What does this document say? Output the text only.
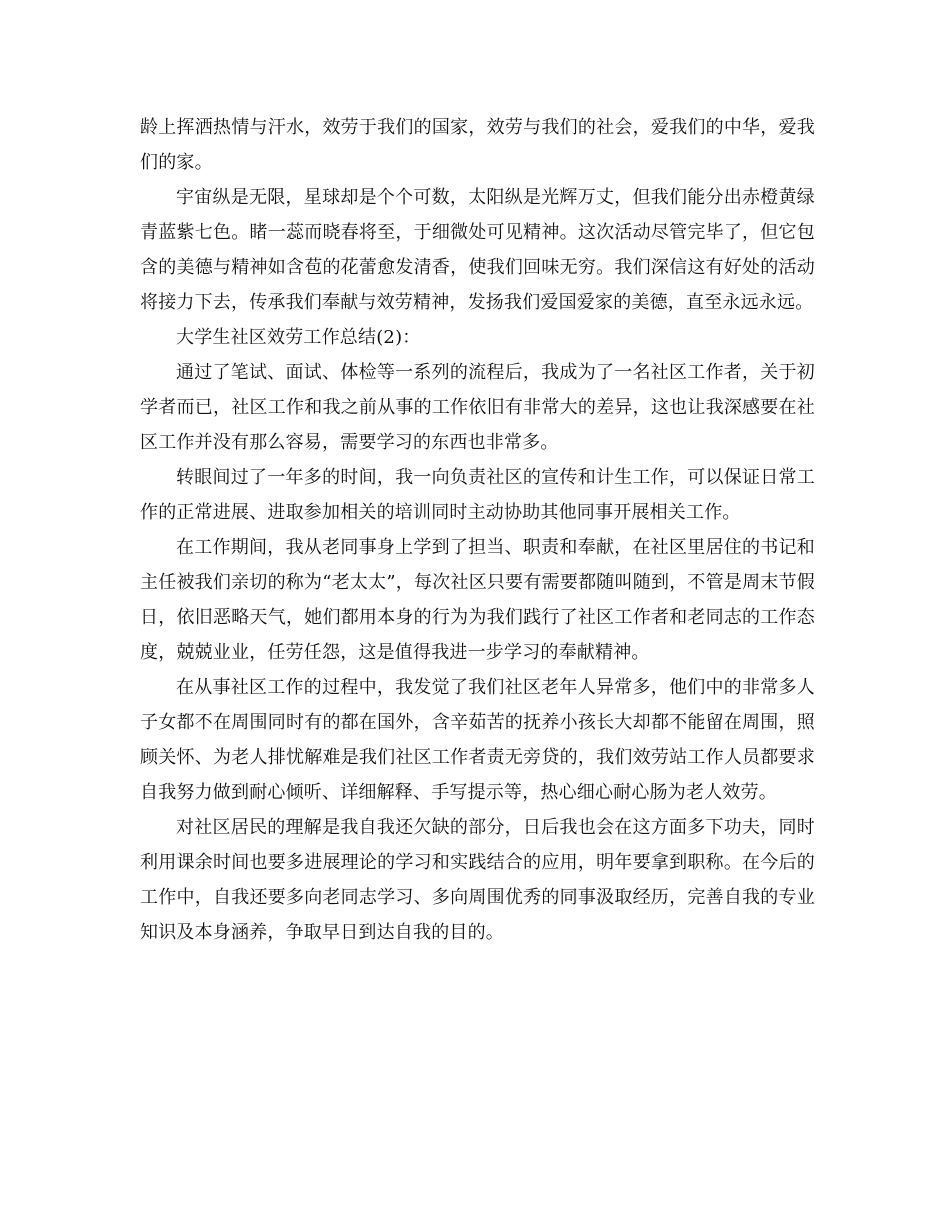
龄上挥洒热情与汗水，效劳于我们的国家，效劳与我们的社会，爱我们的中华，爱我们的家。

宇宙纵是无限，星球却是个个可数，太阳纵是光辉万丈，但我们能分出赤橙黄绿青蓝紫七色。睹一蕊而晓春将至，于细微处可见精神。这次活动尽管完毕了，但它包含的美德与精神如含苞的花蕾愈发清香，使我们回味无穷。我们深信这有好处的活动将接力下去，传承我们奉献与效劳精神，发扬我们爱国爱家的美德，直至永远永远。

大学生社区效劳工作总结(2)：

通过了笔试、面试、体检等一系列的流程后，我成为了一名社区工作者，关于初学者而已，社区工作和我之前从事的工作依旧有非常大的差异，这也让我深感要在社区工作并没有那么容易，需要学习的东西也非常多。

转眼间过了一年多的时间，我一向负责社区的宣传和计生工作，可以保证日常工作的正常进展、进取参加相关的培训同时主动协助其他同事开展相关工作。

在工作期间，我从老同事身上学到了担当、职责和奉献，在社区里居住的书记和主任被我们亲切的称为“老太太”，每次社区只要有需要都随叫随到，不管是周末节假日，依旧恶略天气，她们都用本身的行为为我们践行了社区工作者和老同志的工作态度，兢兢业业，任劳任怨，这是值得我进一步学习的奉献精神。

在从事社区工作的过程中，我发觉了我们社区老年人异常多，他们中的非常多人子女都不在周围同时有的都在国外，含辛茹苦的抚养小孩长大却都不能留在周围，照顾关怀、为老人排忧解难是我们社区工作者责无旁贷的，我们效劳站工作人员都要求自我努力做到耐心倾听、详细解释、手写提示等，热心细心耐心肠为老人效劳。

对社区居民的理解是我自我还欠缺的部分，日后我也会在这方面多下功夫，同时利用课余时间也要多进展理论的学习和实践结合的应用，明年要拿到职称。在今后的工作中，自我还要多向老同志学习、多向周围优秀的同事汲取经历，完善自我的专业知识及本身涵养，争取早日到达自我的目的。
